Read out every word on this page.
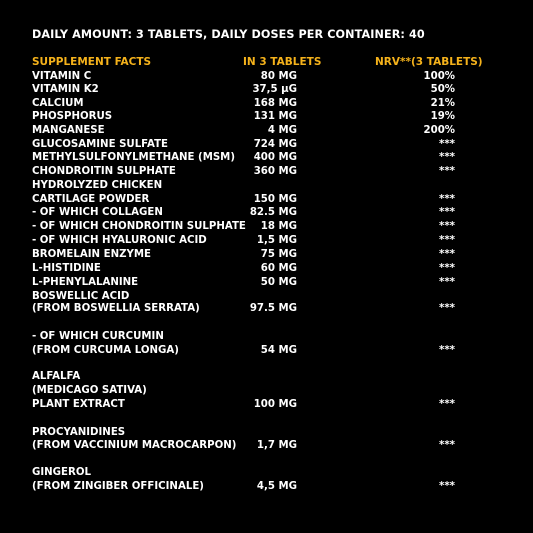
DAILY AMOUNT: 3 TABLETS, DAILY DOSES PER CONTAINER: 40
SUPPLEMENT FACTS	IN 3 TABLETS	NRV**(3 TABLETS)
VITAMIN C	80 MG	100%
VITAMIN K2	37,5 µG	50%
CALCIUM	168 MG	21%
PHOSPHORUS	131 MG	19%
MANGANESE	4 MG	200%
GLUCOSAMINE SULFATE	724 MG	***
METHYLSULFONYLMETHANE (MSM) 400 MG	***
CHONDROITIN SULPHATE	360 MG	***
HYDROLYZED CHICKEN
CARTILAGE POWDER	150 MG	***
- OF WHICH COLLAGEN	82.5 MG	***
- OF WHICH CHONDROITIN SULPHATE 18 MG	***
- OF WHICH HYALURONIC ACID	1,5 MG	***
BROMELAIN ENZYME	75 MG	***
L-HISTIDINE	60 MG	***
L-PHENYLALANINE	50 MG	***
BOSWELLIC ACID
(FROM BOSWELLIA SERRATA)	97.5 MG	***
- OF WHICH CURCUMIN
(FROM CURCUMA LONGA)	54 MG	***
ALFALFA
(MEDICAGO SATIVA)
PLANT EXTRACT	100 MG	***
PROCYANIDINES
(FROM VACCINIUM MACROCARPON) 1,7 MG	***
GINGEROL
(FROM ZINGIBER OFFICINALE)	4,5 MG	***
